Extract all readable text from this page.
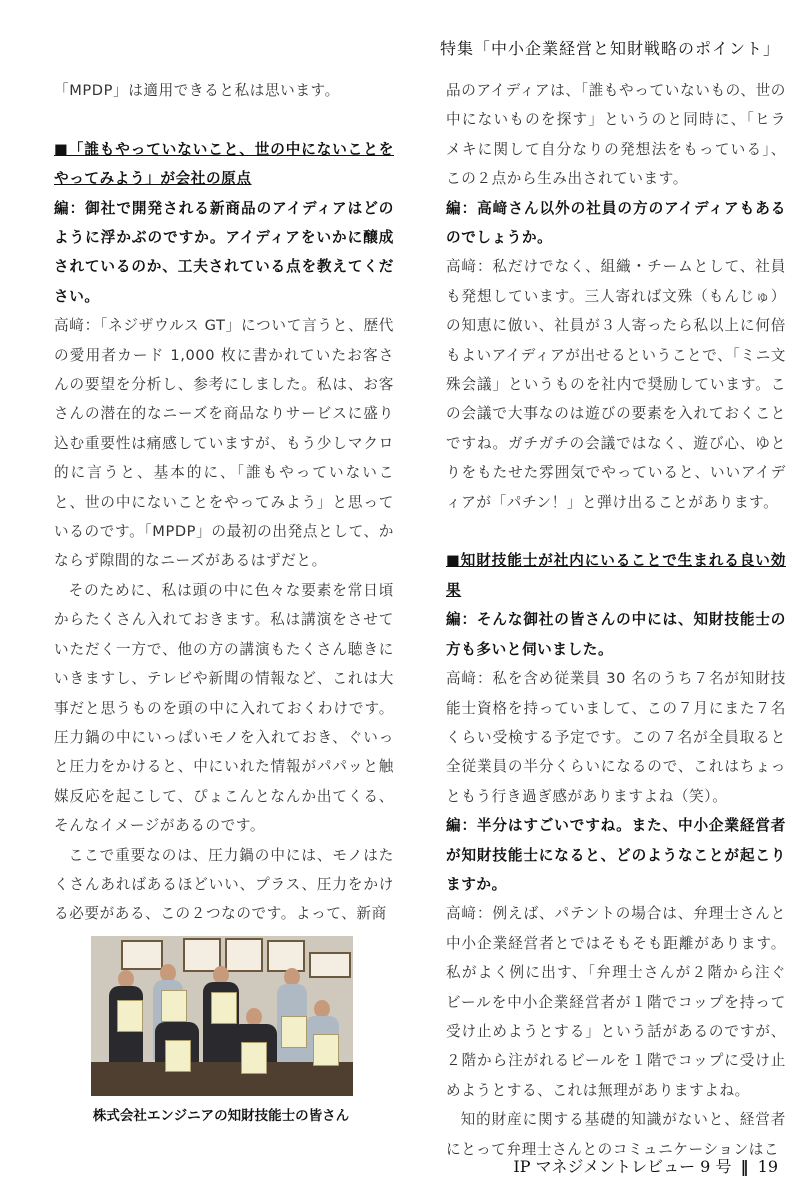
特集「中小企業経営と知財戦略のポイント」

「MPDP」は適用できると私は思います。

■「誰もやっていないこと、世の中にないことをやってみよう」が会社の原点

編：御社で開発される新商品のアイディアはどのように浮かぶのですか。アイディアをいかに醸成されているのか、工夫されている点を教えてください。

高﨑：「ネジザウルス GT」について言うと、歴代の愛用者カード 1,000 枚に書かれていたお客さんの要望を分析し、参考にしました。私は、お客さんの潜在的なニーズを商品なりサービスに盛り込む重要性は痛感していますが、もう少しマクロ的に言うと、基本的に、「誰もやっていないこと、世の中にないことをやってみよう」と思っているのです。「MPDP」の最初の出発点として、かならず隙間的なニーズがあるはずだと。

そのために、私は頭の中に色々な要素を常日頃からたくさん入れておきます。私は講演をさせていただく一方で、他の方の講演もたくさん聴きにいきますし、テレビや新聞の情報など、これは大事だと思うものを頭の中に入れておくわけです。圧力鍋の中にいっぱいモノを入れておき、ぐいっと圧力をかけると、中にいれた情報がパパッと触媒反応を起こして、ぴょこんとなんか出てくる、そんなイメージがあるのです。

ここで重要なのは、圧力鍋の中には、モノはたくさんあればあるほどいい、プラス、圧力をかける必要がある、この２つなのです。よって、新商

品のアイディアは、「誰もやっていないもの、世の中にないものを探す」というのと同時に、「ヒラメキに関して自分なりの発想法をもっている」、この２点から生み出されています。

編：高﨑さん以外の社員の方のアイディアもあるのでしょうか。

高﨑：私だけでなく、組織・チームとして、社員も発想しています。三人寄れば文殊（もんじゅ）の知恵に倣い、社員が３人寄ったら私以上に何倍もよいアイディアが出せるということで、「ミニ文殊会議」というものを社内で奨励しています。この会議で大事なのは遊びの要素を入れておくことですね。ガチガチの会議ではなく、遊び心、ゆとりをもたせた雰囲気でやっていると、いいアイディアが「パチン！」と弾け出ることがあります。

■知財技能士が社内にいることで生まれる良い効果

編：そんな御社の皆さんの中には、知財技能士の方も多いと伺いました。

高﨑：私を含め従業員 30 名のうち７名が知財技能士資格を持っていまして、この７月にまた７名くらい受検する予定です。この７名が全員取ると全従業員の半分くらいになるので、これはちょっともう行き過ぎ感がありますよね（笑）。

編：半分はすごいですね。また、中小企業経営者が知財技能士になると、どのようなことが起こりますか。

高﨑：例えば、パテントの場合は、弁理士さんと中小企業経営者とではそもそも距離があります。私がよく例に出す、「弁理士さんが２階から注ぐビールを中小企業経営者が１階でコップを持って受け止めようとする」という話があるのですが、２階から注がれるビールを１階でコップに受け止めようとする、これは無理がありますよね。

知的財産に関する基礎的知識がないと、経営者にとって弁理士さんとのコミュニケーションはこ

株式会社エンジニアの知財技能士の皆さん
IP マネジメントレビュー 9 号 ‖ 19
